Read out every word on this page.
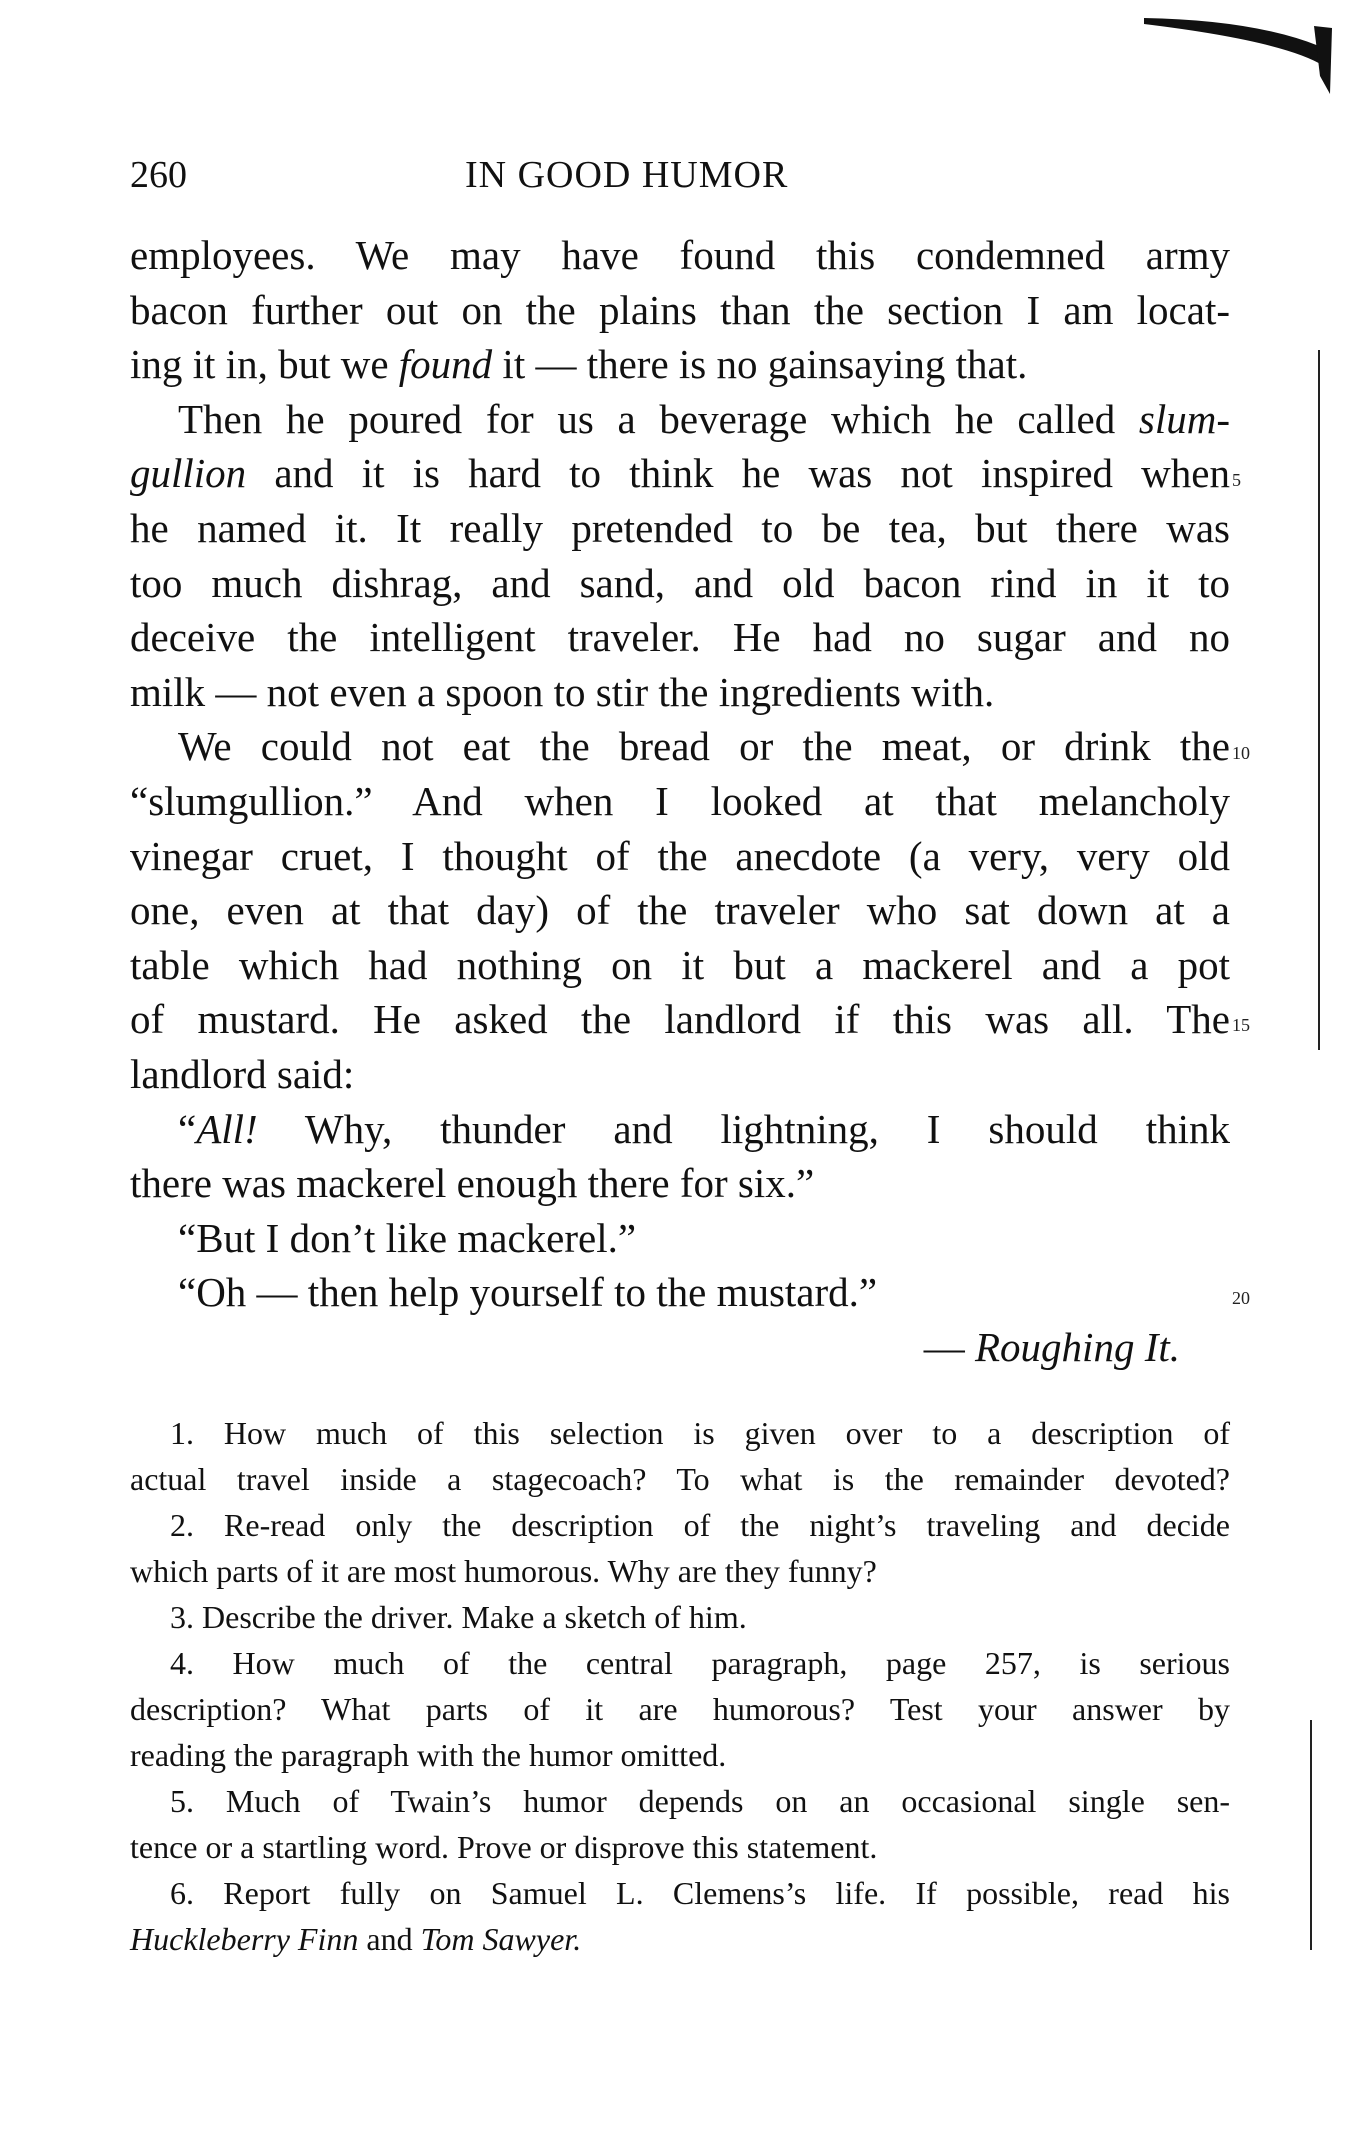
260	IN GOOD HUMOR
employees. We may have found this condemned army
bacon further out on the plains than the section I am locat-
ing it in, but we found it — there is no gainsaying that.
Then he poured for us a beverage which he called slum-
gullion and it is hard to think he was not inspired when
he named it. It really pretended to be tea, but there was
too much dishrag, and sand, and old bacon rind in it to
deceive the intelligent traveler. He had no sugar and no
milk — not even a spoon to stir the ingredients with.
We could not eat the bread or the meat, or drink the
“slumgullion.” And when I looked at that melancholy
vinegar cruet, I thought of the anecdote (a very, very old
one, even at that day) of the traveler who sat down at a
table which had nothing on it but a mackerel and a pot
of mustard. He asked the landlord if this was all. The
landlord said:
“All! Why, thunder and lightning, I should think
there was mackerel enough there for six.”
“But I don’t like mackerel.”
“Oh — then help yourself to the mustard.”
— Roughing It.
5
10
15
20
1. How much of this selection is given over to a description of
actual travel inside a stagecoach? To what is the remainder devoted?
2. Re-read only the description of the night’s traveling and decide
which parts of it are most humorous. Why are they funny?
3. Describe the driver. Make a sketch of him.
4. How much of the central paragraph, page 257, is serious
description? What parts of it are humorous? Test your answer by
reading the paragraph with the humor omitted.
5. Much of Twain’s humor depends on an occasional single sen-
tence or a startling word. Prove or disprove this statement.
6. Report fully on Samuel L. Clemens’s life. If possible, read his
Huckleberry Finn and Tom Sawyer.
